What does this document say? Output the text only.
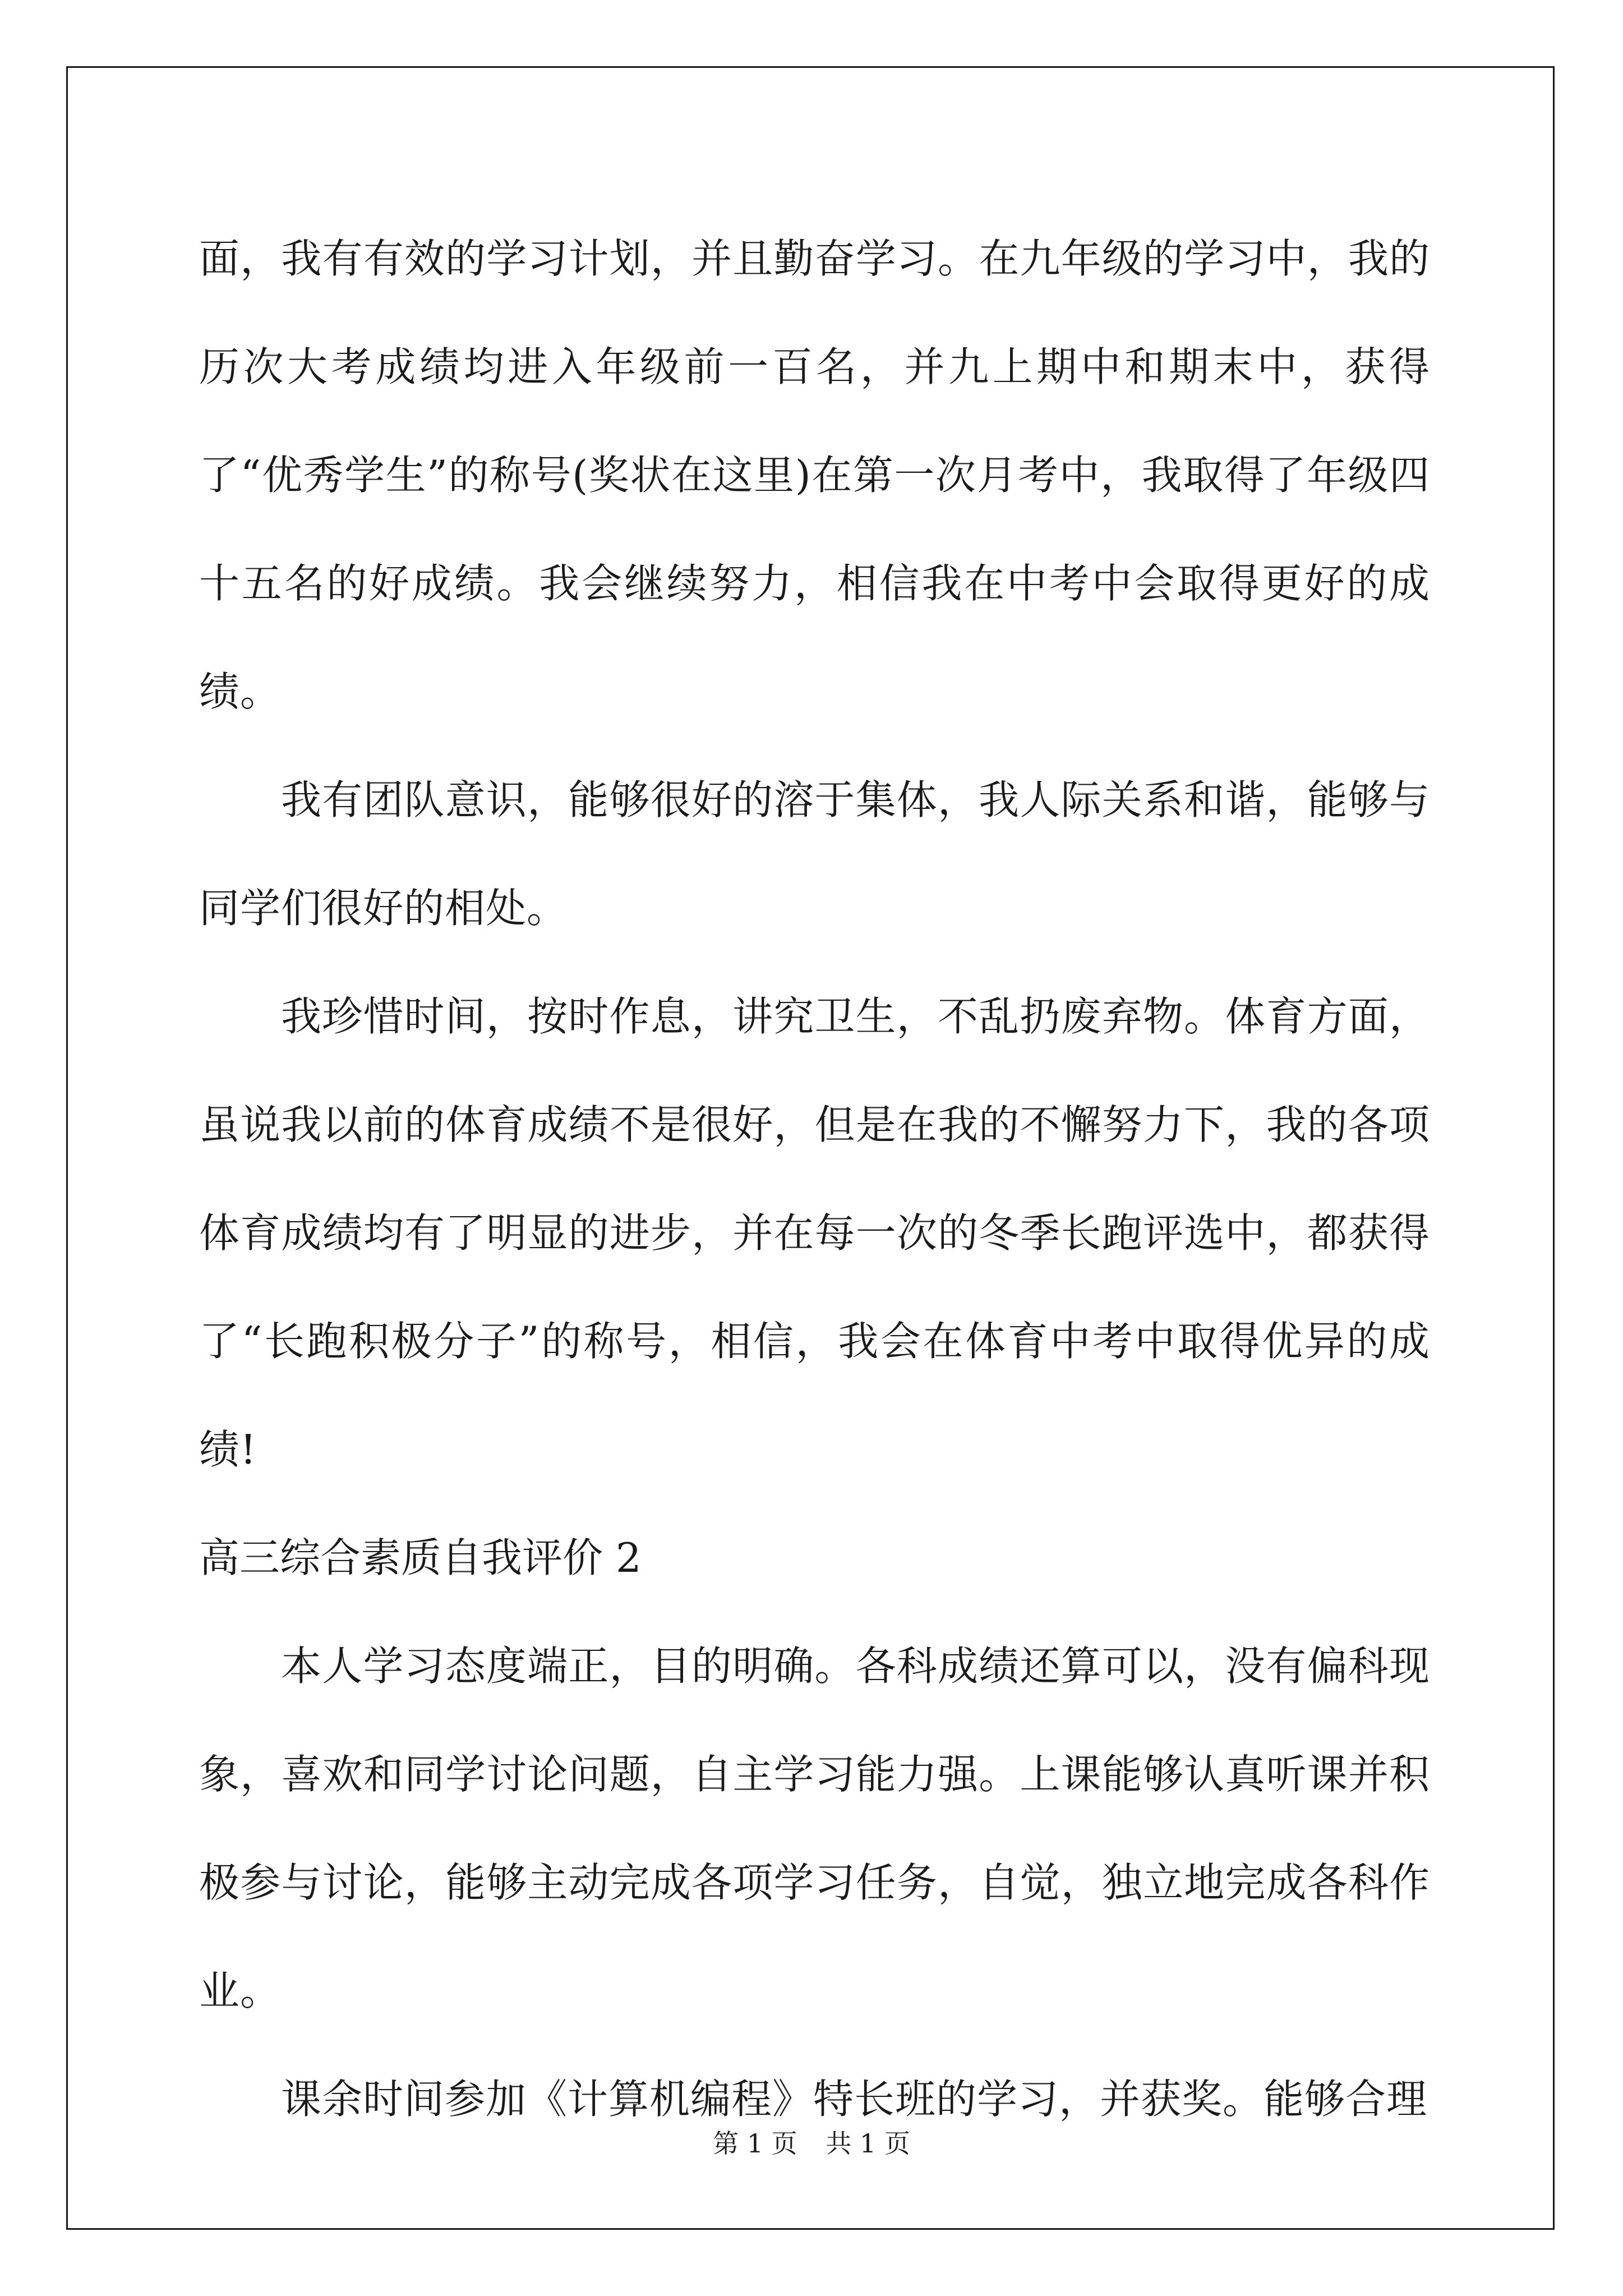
面，我有有效的学习计划，并且勤奋学习。在九年级的学习中，我的历次大考成绩均进入年级前一百名，并九上期中和期末中，获得了“优秀学生”的称号(奖状在这里)在第一次月考中，我取得了年级四十五名的好成绩。我会继续努力，相信我在中考中会取得更好的成绩。

我有团队意识，能够很好的溶于集体，我人际关系和谐，能够与同学们很好的相处。

我珍惜时间，按时作息，讲究卫生，不乱扔废弃物。体育方面，虽说我以前的体育成绩不是很好，但是在我的不懈努力下，我的各项体育成绩均有了明显的进步，并在每一次的冬季长跑评选中，都获得了“长跑积极分子”的称号，相信，我会在体育中考中取得优异的成绩!

高三综合素质自我评价 2

本人学习态度端正，目的明确。各科成绩还算可以，没有偏科现象，喜欢和同学讨论问题，自主学习能力强。上课能够认真听课并积极参与讨论，能够主动完成各项学习任务，自觉，独立地完成各科作业。

课余时间参加《计算机编程》特长班的学习，并获奖。能够合理

第 1 页 共 1 页
